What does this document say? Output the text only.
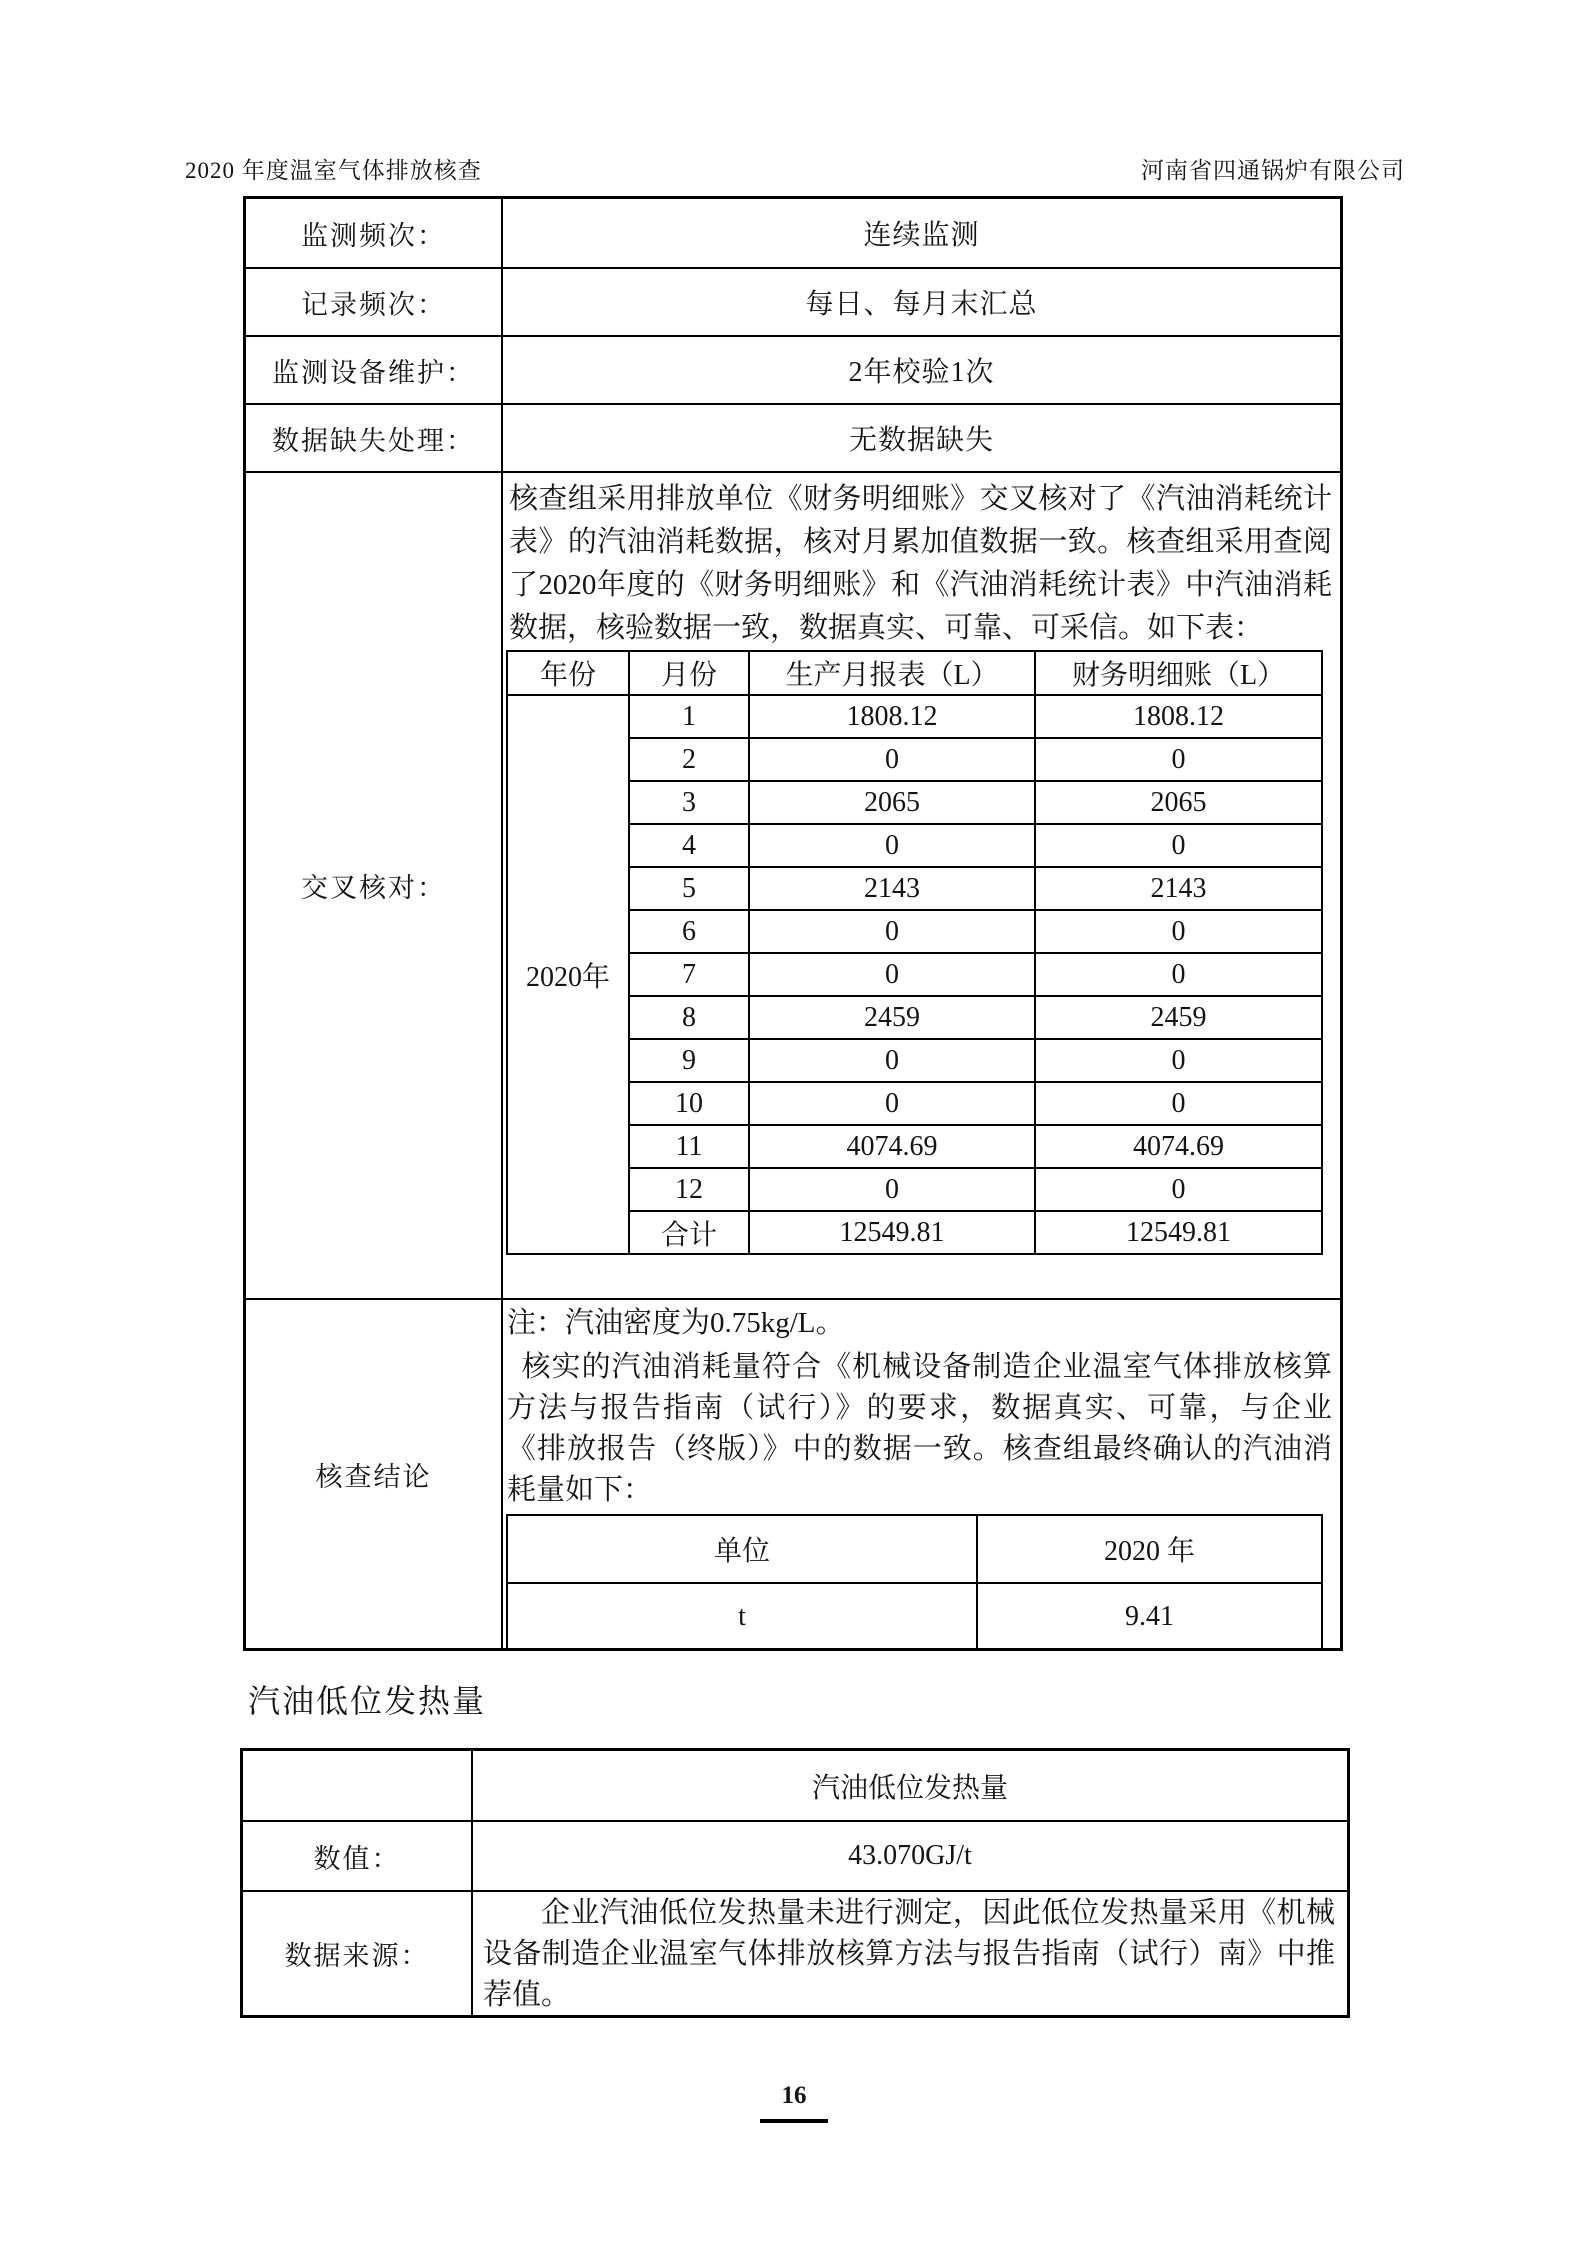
2020 年度温室气体排放核查	河南省四通锅炉有限公司
监测频次：	连续监测
记录频次：	每日、每月末汇总
监测设备维护：	2年校验1次
数据缺失处理：	无数据缺失
交叉核对：
核查组采用排放单位《财务明细账》交叉核对了《汽油消耗统计表》的汽油消耗数据，核对月累加值数据一致。核查组采用查阅了2020年度的《财务明细账》和《汽油消耗统计表》中汽油消耗数据，核验数据一致，数据真实、可靠、可采信。如下表：
年份	月份	生产月报表（L）	财务明细账（L）
2020年	1	1808.12	1808.12
	2	0	0
	3	2065	2065
	4	0	0
	5	2143	2143
	6	0	0
	7	0	0
	8	2459	2459
	9	0	0
	10	0	0
	11	4074.69	4074.69
	12	0	0
	合计	12549.81	12549.81
核查结论
注：汽油密度为0.75kg/L。
核实的汽油消耗量符合《机械设备制造企业温室气体排放核算方法与报告指南（试行）》的要求，数据真实、可靠，与企业《排放报告（终版）》中的数据一致。核查组最终确认的汽油消耗量如下：
单位	2020 年
t	9.41
汽油低位发热量
汽油低位发热量
数值：	43.070GJ/t
数据来源：
企业汽油低位发热量未进行测定，因此低位发热量采用《机械设备制造企业温室气体排放核算方法与报告指南（试行）南》中推荐值。
16
